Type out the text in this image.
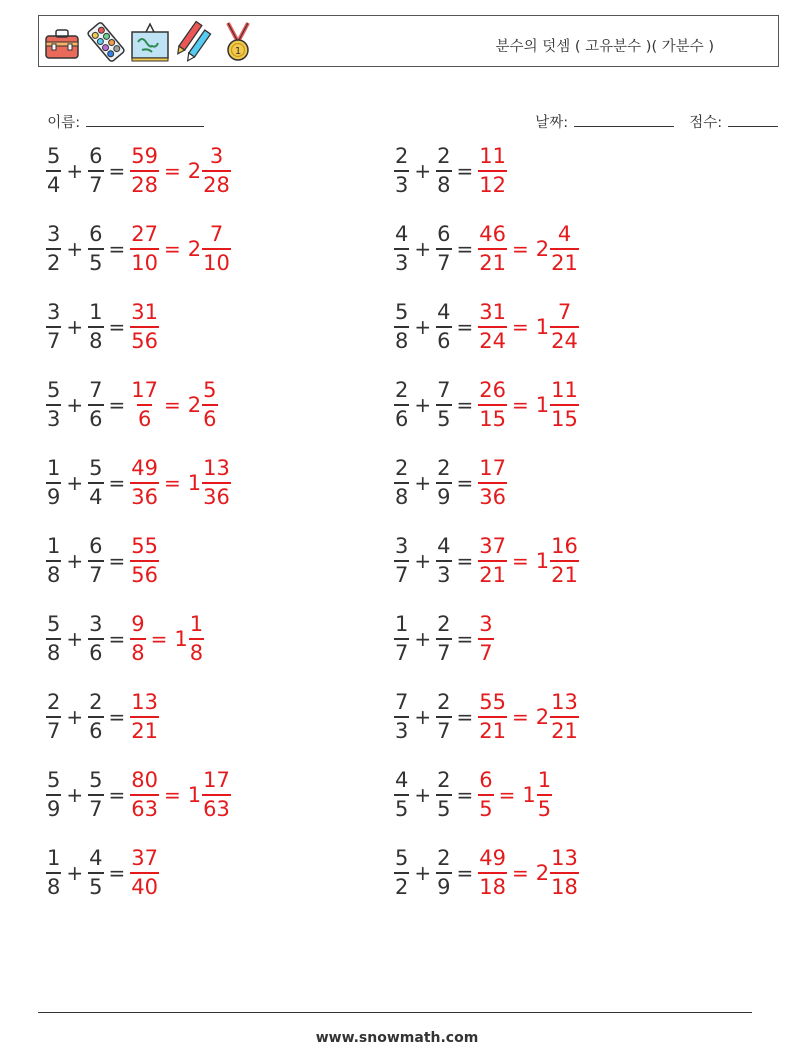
1	분수의 덧셈 ( 고유분수 )( 가분수 )

이름:	날짜:	점수:

$\frac{5}{4} + \frac{6}{7} = \frac{59}{28} = 2 \frac{3}{28}$	$\frac{2}{3} + \frac{2}{8} = \frac{11}{12}$
$\frac{3}{2} + \frac{6}{5} = \frac{27}{10} = 2 \frac{7}{10}$	$\frac{4}{3} + \frac{6}{7} = \frac{46}{21} = 2 \frac{4}{21}$
$\frac{3}{7} + \frac{1}{8} = \frac{31}{56}$	$\frac{5}{8} + \frac{4}{6} = \frac{31}{24} = 1 \frac{7}{24}$
$\frac{5}{3} + \frac{7}{6} = \frac{17}{6} = 2 \frac{5}{6}$	$\frac{2}{6} + \frac{7}{5} = \frac{26}{15} = 1 \frac{11}{15}$
$\frac{1}{9} + \frac{5}{4} = \frac{49}{36} = 1 \frac{13}{36}$	$\frac{2}{8} + \frac{2}{9} = \frac{17}{36}$
$\frac{1}{8} + \frac{6}{7} = \frac{55}{56}$	$\frac{3}{7} + \frac{4}{3} = \frac{37}{21} = 1 \frac{16}{21}$
$\frac{5}{8} + \frac{3}{6} = \frac{9}{8} = 1 \frac{1}{8}$	$\frac{1}{7} + \frac{2}{7} = \frac{3}{7}$
$\frac{2}{7} + \frac{2}{6} = \frac{13}{21}$	$\frac{7}{3} + \frac{2}{7} = \frac{55}{21} = 2 \frac{13}{21}$
$\frac{5}{9} + \frac{5}{7} = \frac{80}{63} = 1 \frac{17}{63}$	$\frac{4}{5} + \frac{2}{5} = \frac{6}{5} = 1 \frac{1}{5}$
$\frac{1}{8} + \frac{4}{5} = \frac{37}{40}$	$\frac{5}{2} + \frac{2}{9} = \frac{49}{18} = 2 \frac{13}{18}$
www.snowmath.com
